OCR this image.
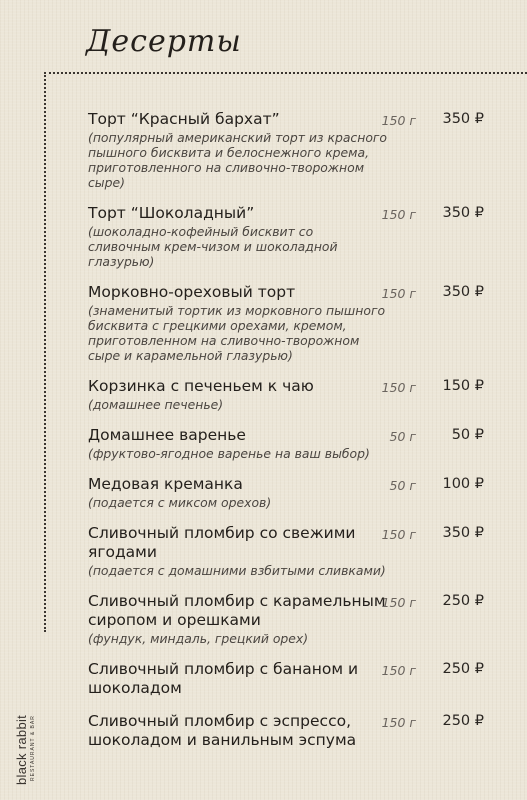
Десерты
Торт “Красный бархат”
(популярный американский торт из красного пышного бисквита и белоснежного крема, приготовленного на сливочно-творожном сыре)
150 г 350 ₽
Торт “Шоколадный”
(шоколадно-кофейный бисквит со сливочным крем-чизом и шоколадной глазурью)
150 г 350 ₽
Морковно-ореховый торт
(знаменитый тортик из морковного пышного бисквита с грецкими орехами, кремом, приготовленном на сливочно-творожном сыре и карамельной глазурью)
150 г 350 ₽
Корзинка с печеньем к чаю
(домашнее печенье)
150 г 150 ₽
Домашнее варенье
(фруктово-ягодное варенье на ваш выбор)
50 г 50 ₽
Медовая креманка
(подается с миксом орехов)
50 г 100 ₽
Сливочный пломбир со свежими ягодами
(подается с домашними взбитыми сливками)
150 г 350 ₽
Сливочный пломбир с карамельным сиропом и орешками
(фундук, миндаль, грецкий орех)
150 г 250 ₽
Сливочный пломбир с бананом и шоколадом
150 г 250 ₽
Сливочный пломбир с эспрессо, шоколадом и ванильным эспума
150 г 250 ₽
black rabbit RESTAURANT & BAR
